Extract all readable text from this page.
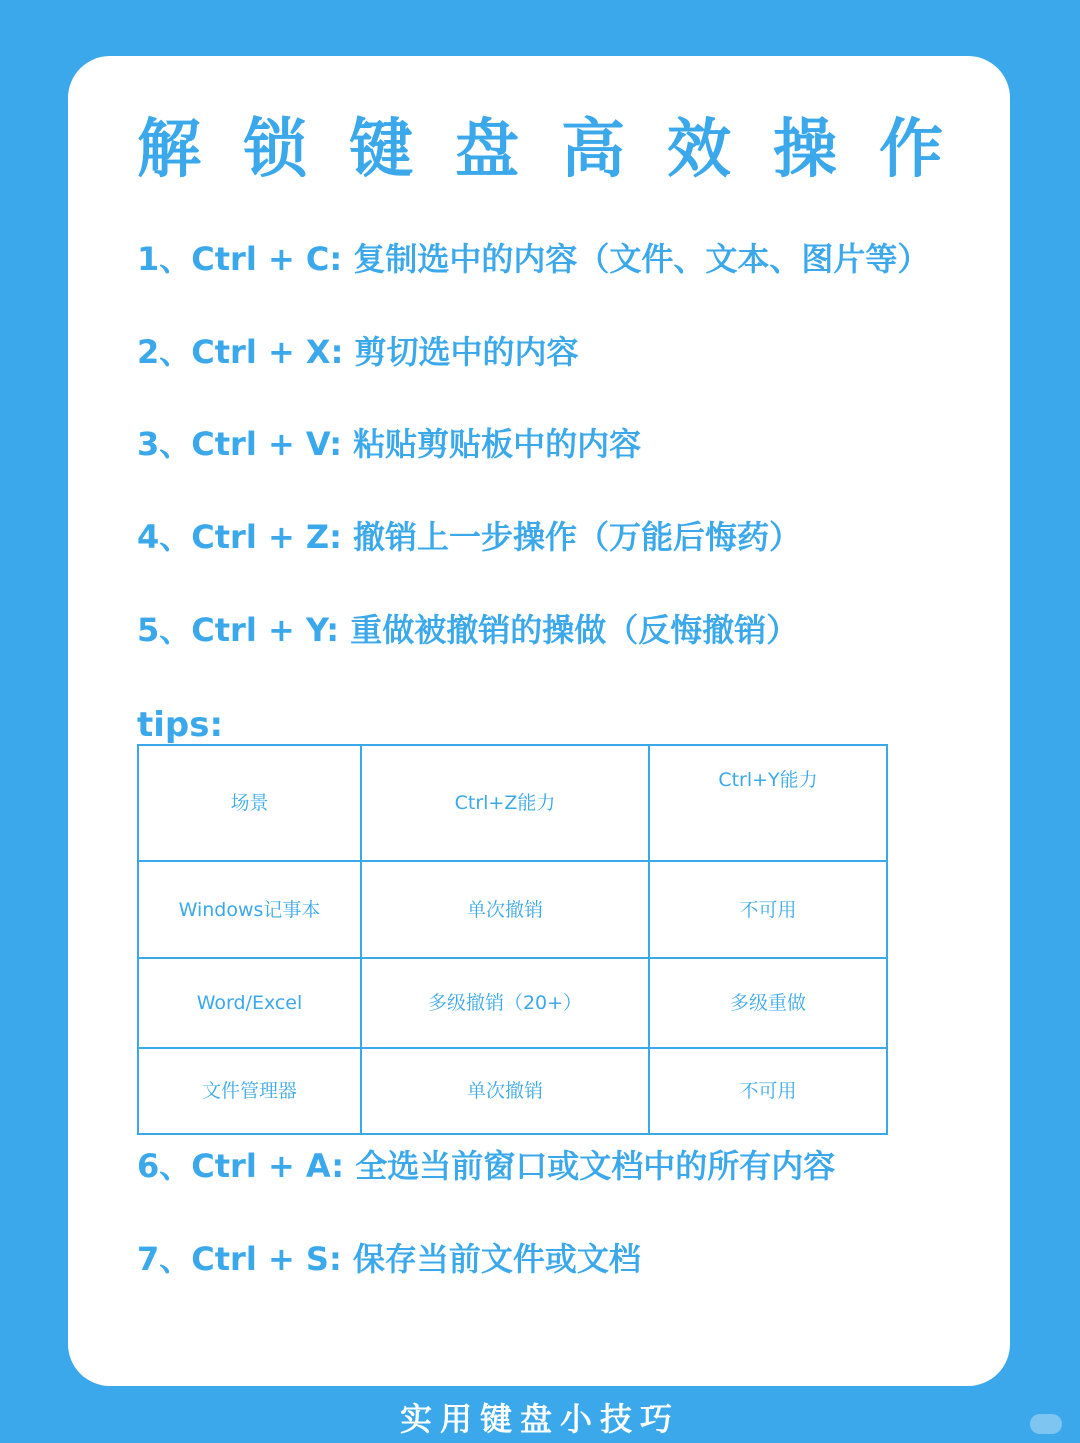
解锁键盘高效操作
1、Ctrl + C: 复制选中的内容（文件、文本、图片等）
2、Ctrl + X: 剪切选中的内容
3、Ctrl + V: 粘贴剪贴板中的内容
4、Ctrl + Z: 撤销上一步操作（万能后悔药）
5、Ctrl + Y: 重做被撤销的操做（反悔撤销）
tips:
场景	Ctrl+Z能力	Ctrl+Y能力
Windows记事本	单次撤销	不可用
Word/Excel	多级撤销（20+）	多级重做
文件管理器	单次撤销	不可用
6、Ctrl + A: 全选当前窗口或文档中的所有内容
7、Ctrl + S: 保存当前文件或文档
实用键盘小技巧
